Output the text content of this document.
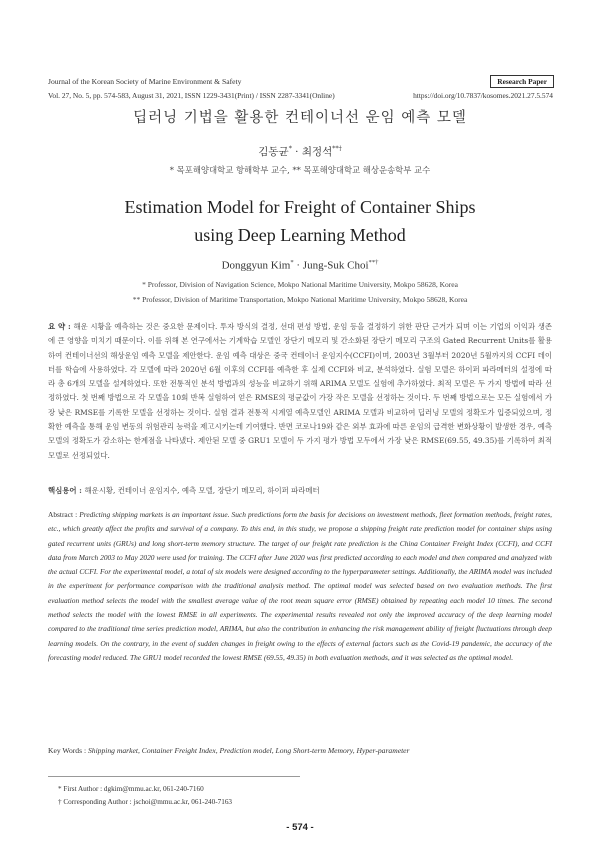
Journal of the Korean Society of Marine Environment & Safety	Research Paper
Vol. 27, No. 5, pp. 574-583, August 31, 2021, ISSN 1229-3431(Print) / ISSN 2287-3341(Online)	https://doi.org/10.7837/kosomes.2021.27.5.574
딥러닝 기법을 활용한 컨테이너선 운임 예측 모델
김동균* · 최정석**†
* 목포해양대학교 항해학부 교수, ** 목포해양대학교 해상운송학부 교수
Estimation Model for Freight of Container Ships
using Deep Learning Method
Donggyun Kim* · Jung-Suk Choi**†
* Professor, Division of Navigation Science, Mokpo National Maritime University, Mokpo 58628, Korea
** Professor, Division of Maritime Transportation, Mokpo National Maritime University, Mokpo 58628, Korea
요 약 : 해운 시황을 예측하는 것은 중요한 문제이다. 투자 방식의 결정, 선대 편성 방법, 운임 등을 결정하기 위한 판단 근거가 되며 이는 기업의 이익과 생존에 큰 영향을 미치기 때문이다. 이를 위해 본 연구에서는 기계학습 모델인 장단기 메모리 및 간소화된 장단기 메모리 구조의 Gated Recurrent Units를 활용하여 컨테이너선의 해상운임 예측 모델을 제안한다. 운임 예측 대상은 중국 컨테이너 운임지수(CCFI)이며, 2003년 3월부터 2020년 5월까지의 CCFI 데이터를 학습에 사용하였다. 각 모델에 따라 2020년 6월 이후의 CCFI를 예측한 후 실제 CCFI와 비교, 분석하였다. 실험 모델은 하이퍼 파라메터의 설정에 따라 총 6개의 모델을 설계하였다. 또한 전통적인 분석 방법과의 성능을 비교하기 위해 ARIMA 모델도 실험에 추가하였다. 최적 모델은 두 가지 방법에 따라 선정하였다. 첫 번째 방법으로 각 모델을 10회 반복 실험하여 얻은 RMSE의 평균값이 가장 작은 모델을 선정하는 것이다. 두 번째 방법으로는 모든 실험에서 가장 낮은 RMSE를 기록한 모델을 선정하는 것이다. 실험 결과 전통적 시계열 예측모델인 ARIMA 모델과 비교하여 딥러닝 모델의 정확도가 입증되었으며, 정확한 예측을 통해 운임 변동의 위험관리 능력을 제고시키는데 기여했다. 반면 코로나19와 같은 외부 효과에 따른 운임의 급격한 변화상황이 발생한 경우, 예측모델의 정확도가 감소하는 한계점을 나타냈다. 제안된 모델 중 GRU1 모델이 두 가지 평가 방법 모두에서 가장 낮은 RMSE(69.55, 49.35)를 기록하여 최적 모델로 선정되었다.
핵심용어 : 해운시황, 컨테이너 운임지수, 예측 모델, 장단기 메모리, 하이퍼 파라메터
Abstract : Predicting shipping markets is an important issue. Such predictions form the basis for decisions on investment methods, fleet formation methods, freight rates, etc., which greatly affect the profits and survival of a company. To this end, in this study, we propose a shipping freight rate prediction model for container ships using gated recurrent units (GRUs) and long short-term memory structure. The target of our freight rate prediction is the China Container Freight Index (CCFI), and CCFI data from March 2003 to May 2020 were used for training. The CCFI after June 2020 was first predicted according to each model and then compared and analyzed with the actual CCFI. For the experimental model, a total of six models were designed according to the hyperparameter settings. Additionally, the ARIMA model was included in the experiment for performance comparison with the traditional analysis method. The optimal model was selected based on two evaluation methods. The first evaluation method selects the model with the smallest average value of the root mean square error (RMSE) obtained by repeating each model 10 times. The second method selects the model with the lowest RMSE in all experiments. The experimental results revealed not only the improved accuracy of the deep learning model compared to the traditional time series prediction model, ARIMA, but also the contribution in enhancing the risk management ability of freight fluctuations through deep learning models. On the contrary, in the event of sudden changes in freight owing to the effects of external factors such as the Covid-19 pandemic, the accuracy of the forecasting model reduced. The GRU1 model recorded the lowest RMSE (69.55, 49.35) in both evaluation methods, and it was selected as the optimal model.
Key Words : Shipping market, Container Freight Index, Prediction model, Long Short-term Memory, Hyper-parameter
* First Author : dgkim@mmu.ac.kr, 061-240-7160
† Corresponding Author : jschoi@mmu.ac.kr, 061-240-7163
- 574 -
